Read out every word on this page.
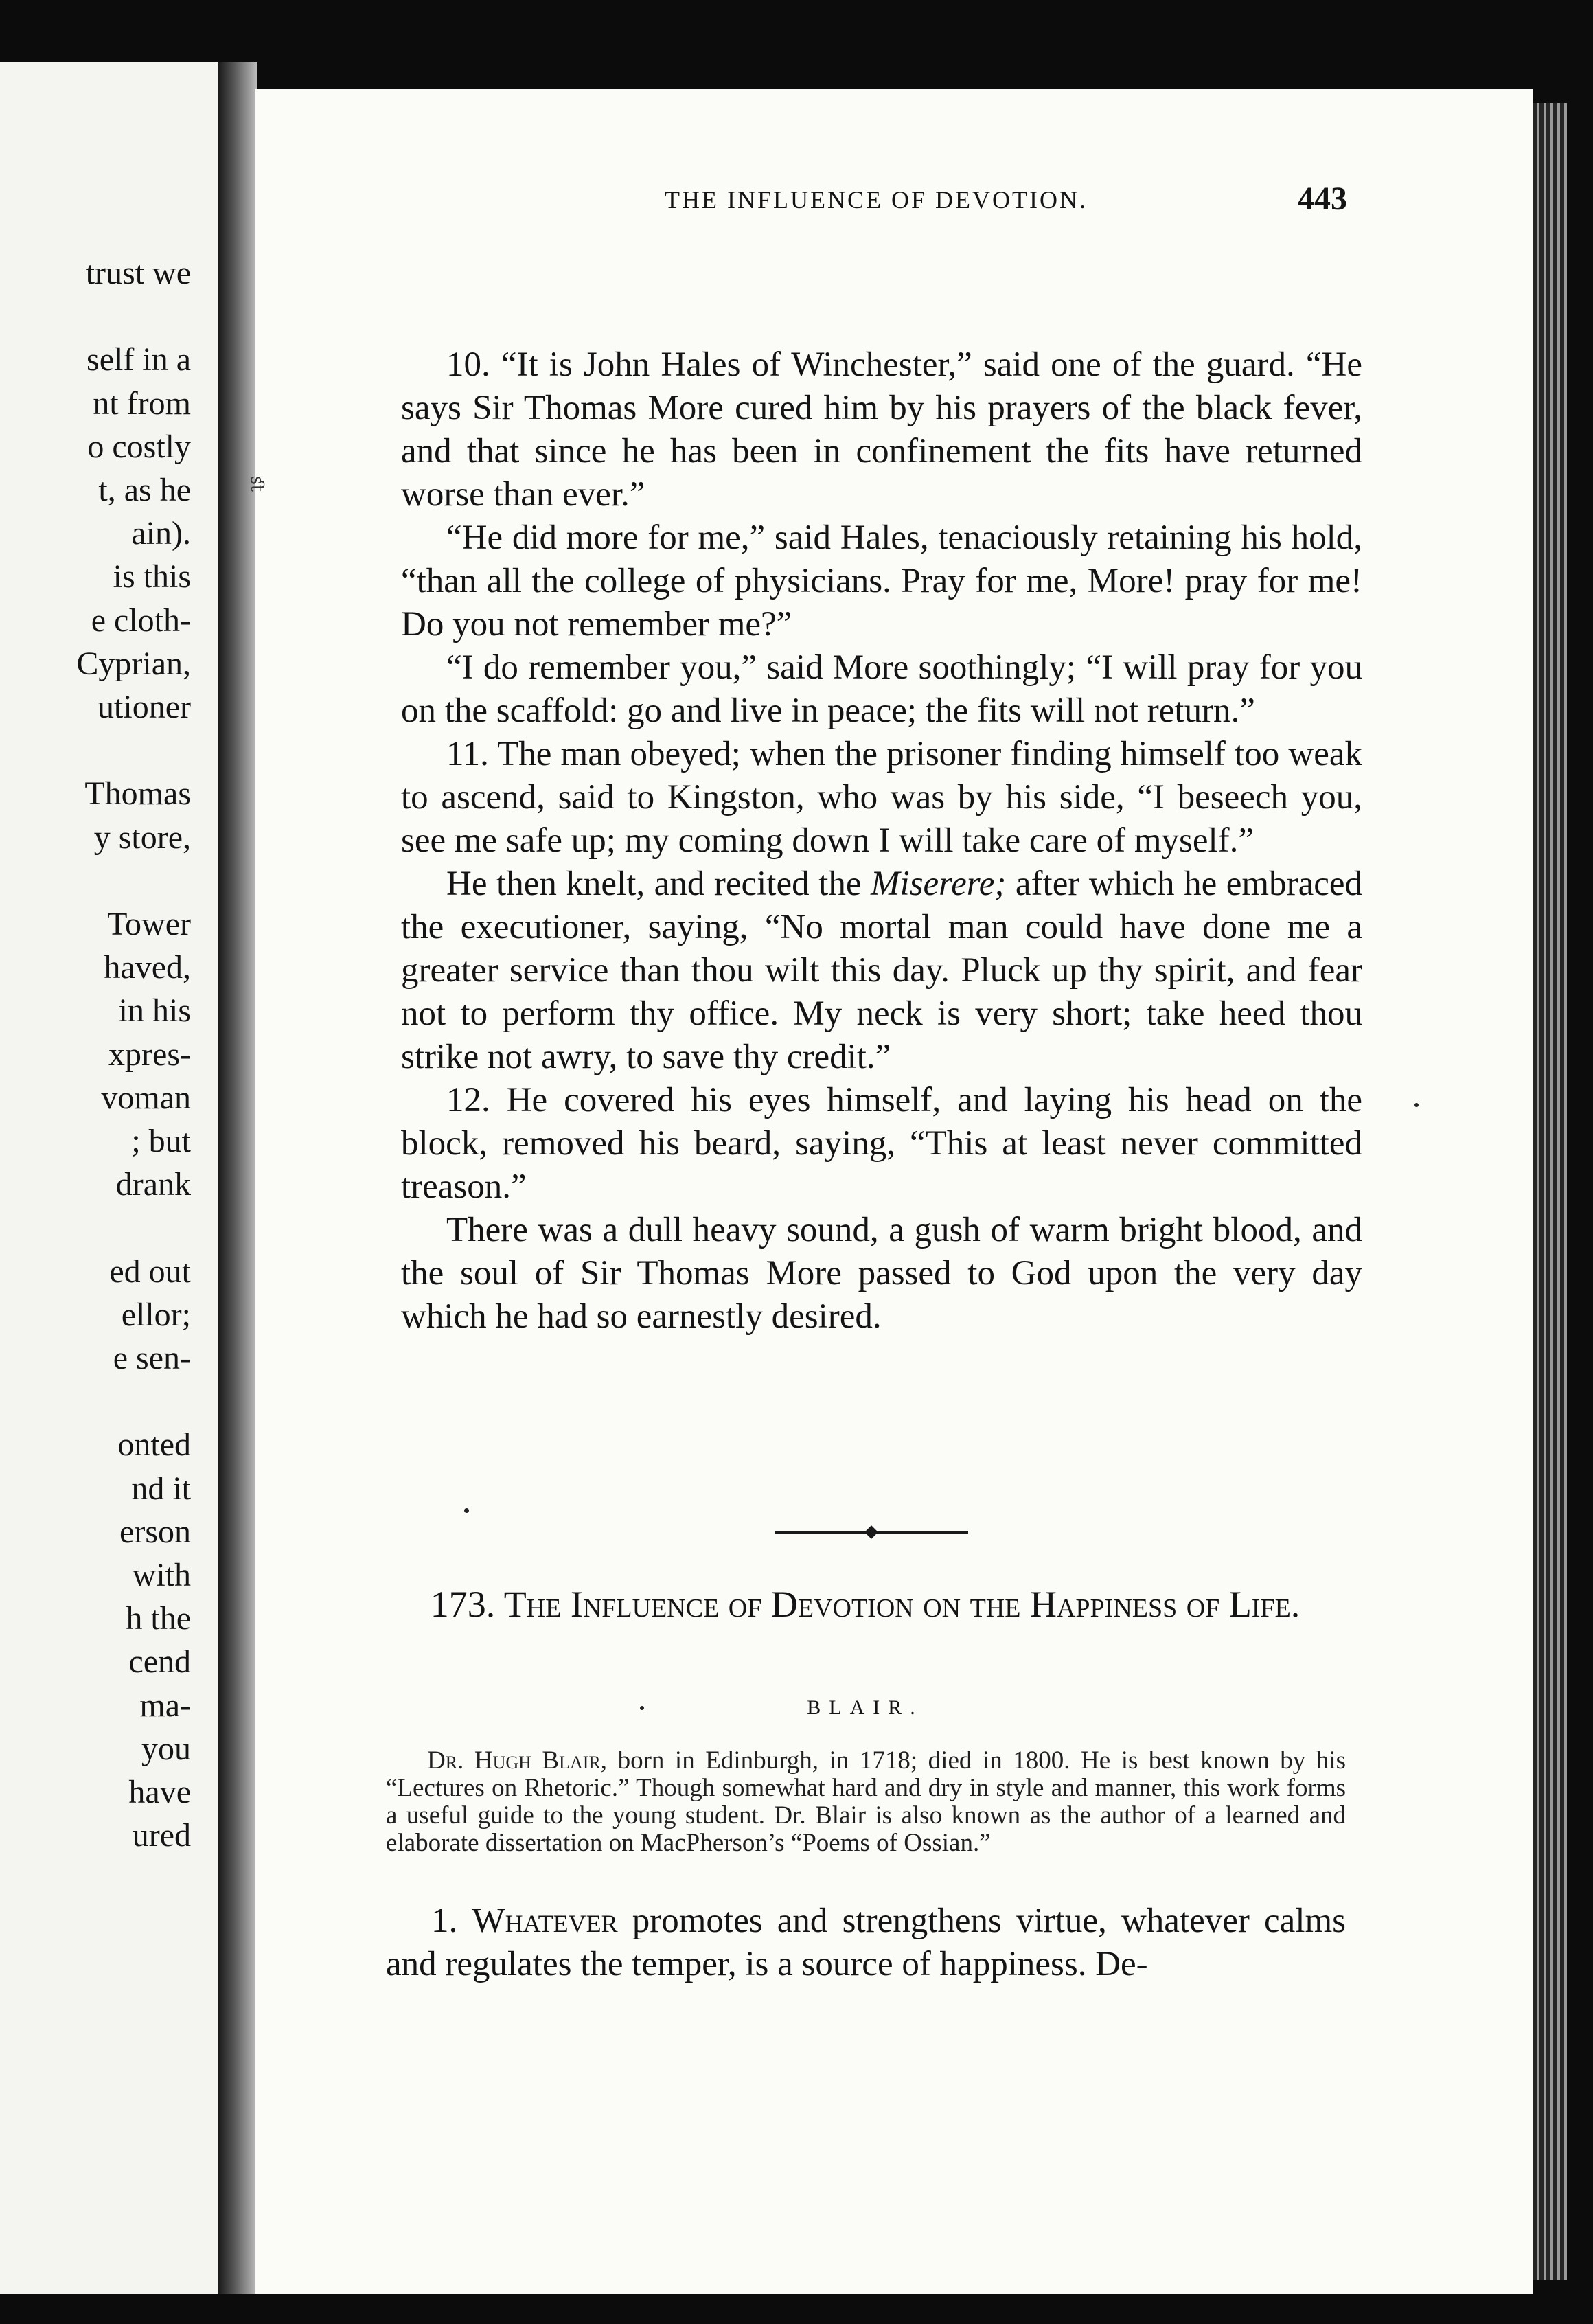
trust we
self in a
nt from
o costly
t, as he
ain).
is this
e cloth-
Cyprian,
utioner
Thomas
y store,
Tower
haved,
in his
xpres-
voman
; but
drank
ed out
ellor;
e sen-
onted
nd it
erson
with
h the
cend
ma-
you
have
ured
ﬆ
THE INFLUENCE OF DEVOTION.	443

10. “It is John Hales of Winchester,” said one of the guard. “He says Sir Thomas More cured him by his prayers of the black fever, and that since he has been in confinement the fits have returned worse than ever.”

“He did more for me,” said Hales, tenaciously retaining his hold, “than all the college of physicians. Pray for me, More! pray for me! Do you not remember me?”

“I do remember you,” said More soothingly; “I will pray for you on the scaffold: go and live in peace; the fits will not return.”

11. The man obeyed; when the prisoner finding himself too weak to ascend, said to Kingston, who was by his side, “I beseech you, see me safe up; my coming down I will take care of myself.”

He then knelt, and recited the Miserere; after which he embraced the executioner, saying, “No mortal man could have done me a greater service than thou wilt this day. Pluck up thy spirit, and fear not to perform thy office. My neck is very short; take heed thou strike not awry, to save thy credit.”

12. He covered his eyes himself, and laying his head on the block, removed his beard, saying, “This at least never committed treason.”

There was a dull heavy sound, a gush of warm bright blood, and the soul of Sir Thomas More passed to God upon the very day which he had so earnestly desired.

173. The Influence of Devotion on the Happiness of Life.

BLAIR.

Dr. Hugh Blair, born in Edinburgh, in 1718; died in 1800. He is best known by his “Lectures on Rhetoric.” Though somewhat hard and dry in style and manner, this work forms a useful guide to the young student. Dr. Blair is also known as the author of a learned and elaborate dissertation on MacPherson’s “Poems of Ossian.”

1. Whatever promotes and strengthens virtue, whatever calms and regulates the temper, is a source of happiness. De-
